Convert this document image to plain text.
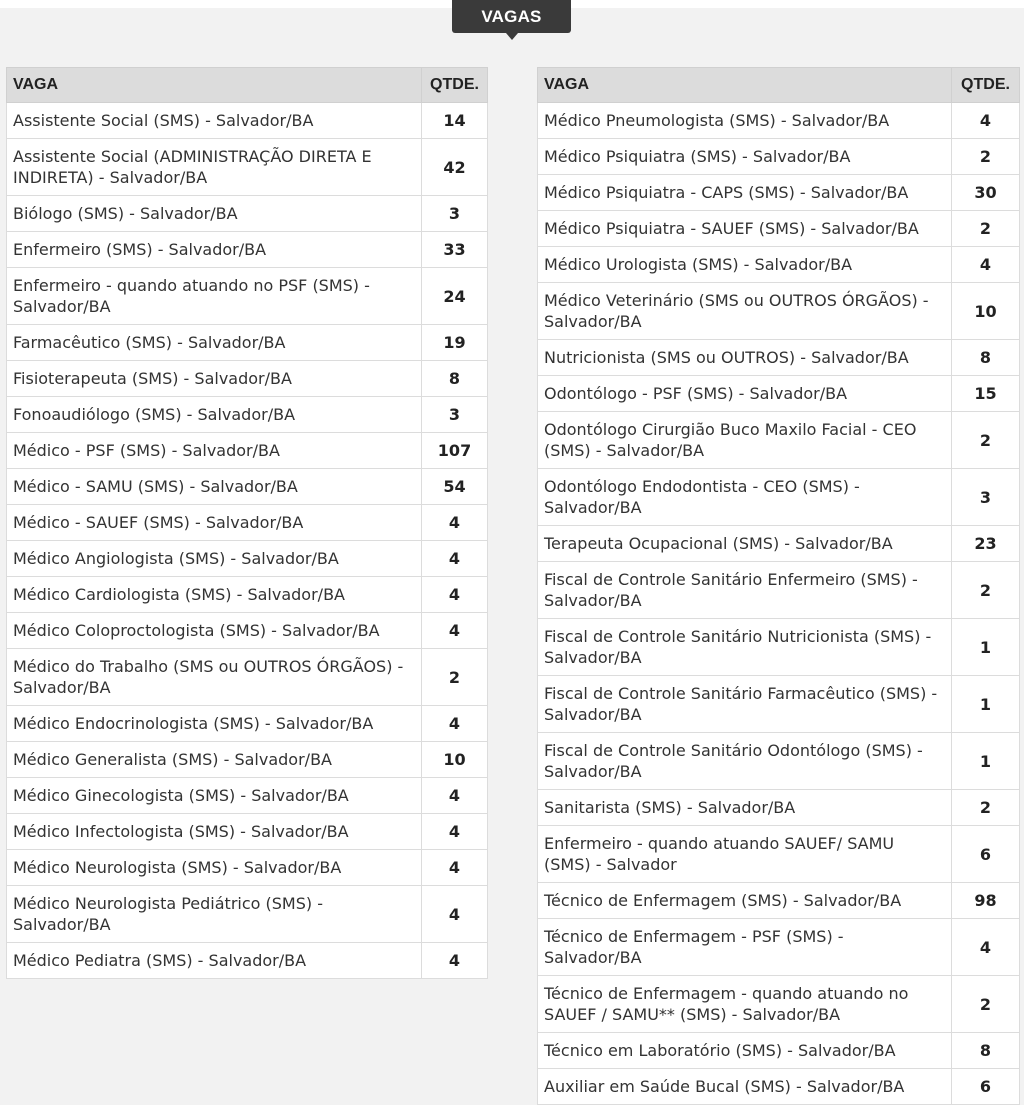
VAGAS
VAGA	QTDE.
Assistente Social (SMS) - Salvador/BA	14
Assistente Social (ADMINISTRAÇÃO DIRETA E INDIRETA) - Salvador/BA	42
Biólogo (SMS) - Salvador/BA	3
Enfermeiro (SMS) - Salvador/BA	33
Enfermeiro - quando atuando no PSF (SMS) - Salvador/BA	24
Farmacêutico (SMS) - Salvador/BA	19
Fisioterapeuta (SMS) - Salvador/BA	8
Fonoaudiólogo (SMS) - Salvador/BA	3
Médico - PSF (SMS) - Salvador/BA	107
Médico - SAMU (SMS) - Salvador/BA	54
Médico - SAUEF (SMS) - Salvador/BA	4
Médico Angiologista (SMS) - Salvador/BA	4
Médico Cardiologista (SMS) - Salvador/BA	4
Médico Coloproctologista (SMS) - Salvador/BA	4
Médico do Trabalho (SMS ou OUTROS ÓRGÃOS) - Salvador/BA	2
Médico Endocrinologista (SMS) - Salvador/BA	4
Médico Generalista (SMS) - Salvador/BA	10
Médico Ginecologista (SMS) - Salvador/BA	4
Médico Infectologista (SMS) - Salvador/BA	4
Médico Neurologista (SMS) - Salvador/BA	4
Médico Neurologista Pediátrico (SMS) - Salvador/BA	4
Médico Pediatra (SMS) - Salvador/BA	4
VAGA	QTDE.
Médico Pneumologista (SMS) - Salvador/BA	4
Médico Psiquiatra (SMS) - Salvador/BA	2
Médico Psiquiatra - CAPS (SMS) - Salvador/BA	30
Médico Psiquiatra - SAUEF (SMS) - Salvador/BA	2
Médico Urologista (SMS) - Salvador/BA	4
Médico Veterinário (SMS ou OUTROS ÓRGÃOS) - Salvador/BA	10
Nutricionista (SMS ou OUTROS) - Salvador/BA	8
Odontólogo - PSF (SMS) - Salvador/BA	15
Odontólogo Cirurgião Buco Maxilo Facial - CEO (SMS) - Salvador/BA	2
Odontólogo Endodontista - CEO (SMS) - Salvador/BA	3
Terapeuta Ocupacional (SMS) - Salvador/BA	23
Fiscal de Controle Sanitário Enfermeiro (SMS) - Salvador/BA	2
Fiscal de Controle Sanitário Nutricionista (SMS) - Salvador/BA	1
Fiscal de Controle Sanitário Farmacêutico (SMS) - Salvador/BA	1
Fiscal de Controle Sanitário Odontólogo (SMS) - Salvador/BA	1
Sanitarista (SMS) - Salvador/BA	2
Enfermeiro - quando atuando SAUEF/ SAMU (SMS) - Salvador	6
Técnico de Enfermagem (SMS) - Salvador/BA	98
Técnico de Enfermagem - PSF (SMS) - Salvador/BA	4
Técnico de Enfermagem - quando atuando no SAUEF / SAMU** (SMS) - Salvador/BA	2
Técnico em Laboratório (SMS) - Salvador/BA	8
Auxiliar em Saúde Bucal (SMS) - Salvador/BA	6
